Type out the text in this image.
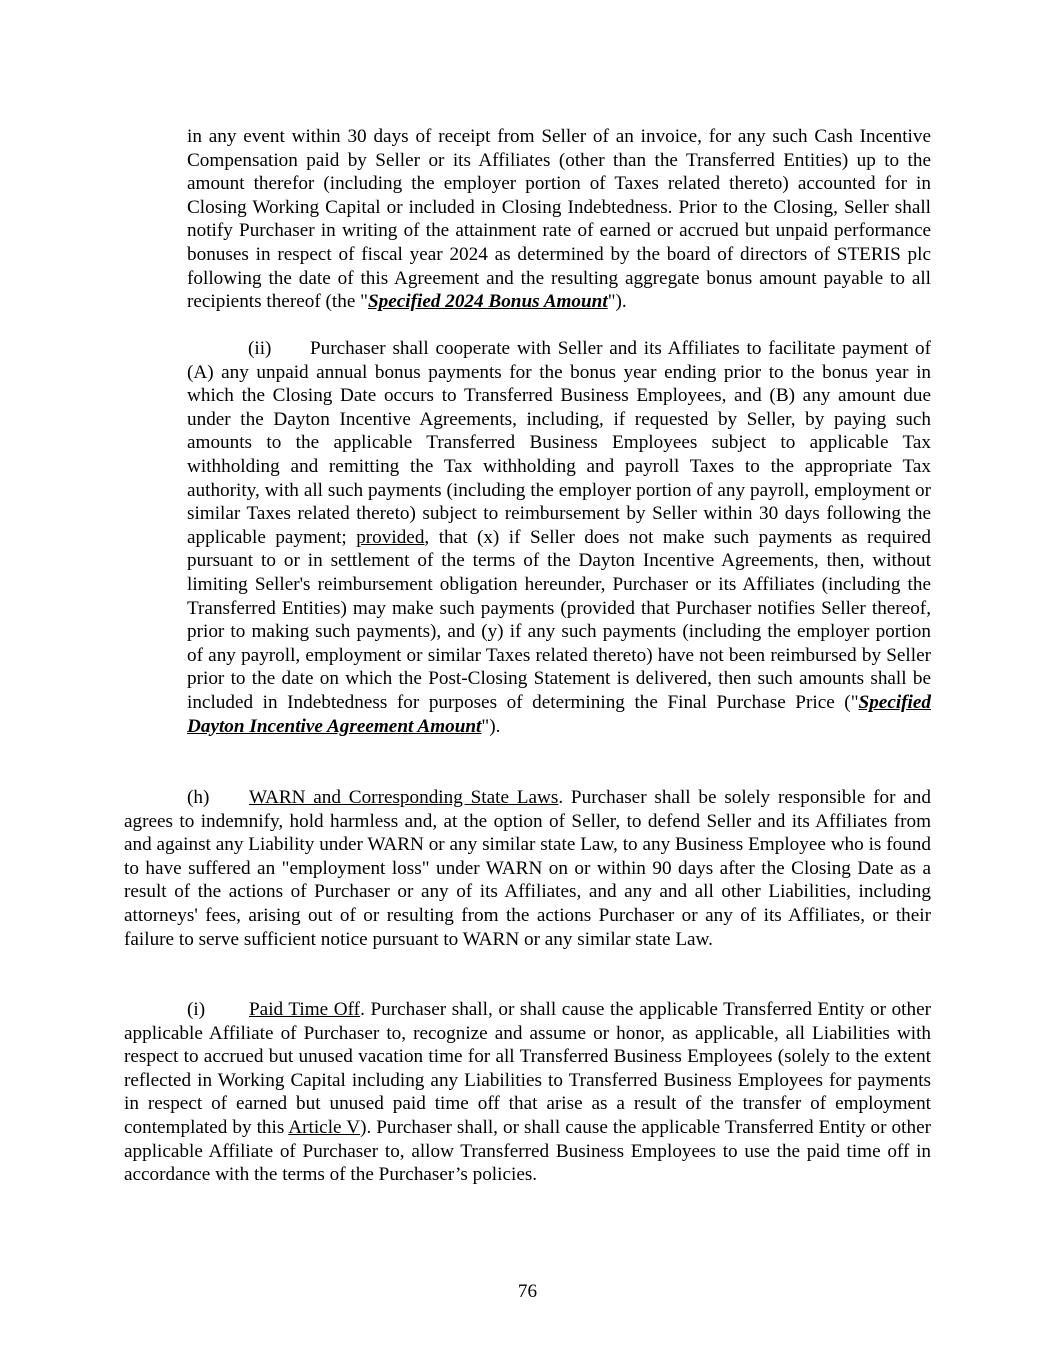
in any event within 30 days of receipt from Seller of an invoice, for any such Cash Incentive Compensation paid by Seller or its Affiliates (other than the Transferred Entities) up to the amount therefor (including the employer portion of Taxes related thereto) accounted for in Closing Working Capital or included in Closing Indebtedness. Prior to the Closing, Seller shall notify Purchaser in writing of the attainment rate of earned or accrued but unpaid performance bonuses in respect of fiscal year 2024 as determined by the board of directors of STERIS plc following the date of this Agreement and the resulting aggregate bonus amount payable to all recipients thereof (the "Specified 2024 Bonus Amount").

(ii) Purchaser shall cooperate with Seller and its Affiliates to facilitate payment of (A) any unpaid annual bonus payments for the bonus year ending prior to the bonus year in which the Closing Date occurs to Transferred Business Employees, and (B) any amount due under the Dayton Incentive Agreements, including, if requested by Seller, by paying such amounts to the applicable Transferred Business Employees subject to applicable Tax withholding and remitting the Tax withholding and payroll Taxes to the appropriate Tax authority, with all such payments (including the employer portion of any payroll, employment or similar Taxes related thereto) subject to reimbursement by Seller within 30 days following the applicable payment; provided, that (x) if Seller does not make such payments as required pursuant to or in settlement of the terms of the Dayton Incentive Agreements, then, without limiting Seller's reimbursement obligation hereunder, Purchaser or its Affiliates (including the Transferred Entities) may make such payments (provided that Purchaser notifies Seller thereof, prior to making such payments), and (y) if any such payments (including the employer portion of any payroll, employment or similar Taxes related thereto) have not been reimbursed by Seller prior to the date on which the Post-Closing Statement is delivered, then such amounts shall be included in Indebtedness for purposes of determining the Final Purchase Price ("Specified Dayton Incentive Agreement Amount").

(h) WARN and Corresponding State Laws. Purchaser shall be solely responsible for and agrees to indemnify, hold harmless and, at the option of Seller, to defend Seller and its Affiliates from and against any Liability under WARN or any similar state Law, to any Business Employee who is found to have suffered an "employment loss" under WARN on or within 90 days after the Closing Date as a result of the actions of Purchaser or any of its Affiliates, and any and all other Liabilities, including attorneys' fees, arising out of or resulting from the actions Purchaser or any of its Affiliates, or their failure to serve sufficient notice pursuant to WARN or any similar state Law.

(i) Paid Time Off. Purchaser shall, or shall cause the applicable Transferred Entity or other applicable Affiliate of Purchaser to, recognize and assume or honor, as applicable, all Liabilities with respect to accrued but unused vacation time for all Transferred Business Employees (solely to the extent reflected in Working Capital including any Liabilities to Transferred Business Employees for payments in respect of earned but unused paid time off that arise as a result of the transfer of employment contemplated by this Article V). Purchaser shall, or shall cause the applicable Transferred Entity or other applicable Affiliate of Purchaser to, allow Transferred Business Employees to use the paid time off in accordance with the terms of the Purchaser’s policies.

76
